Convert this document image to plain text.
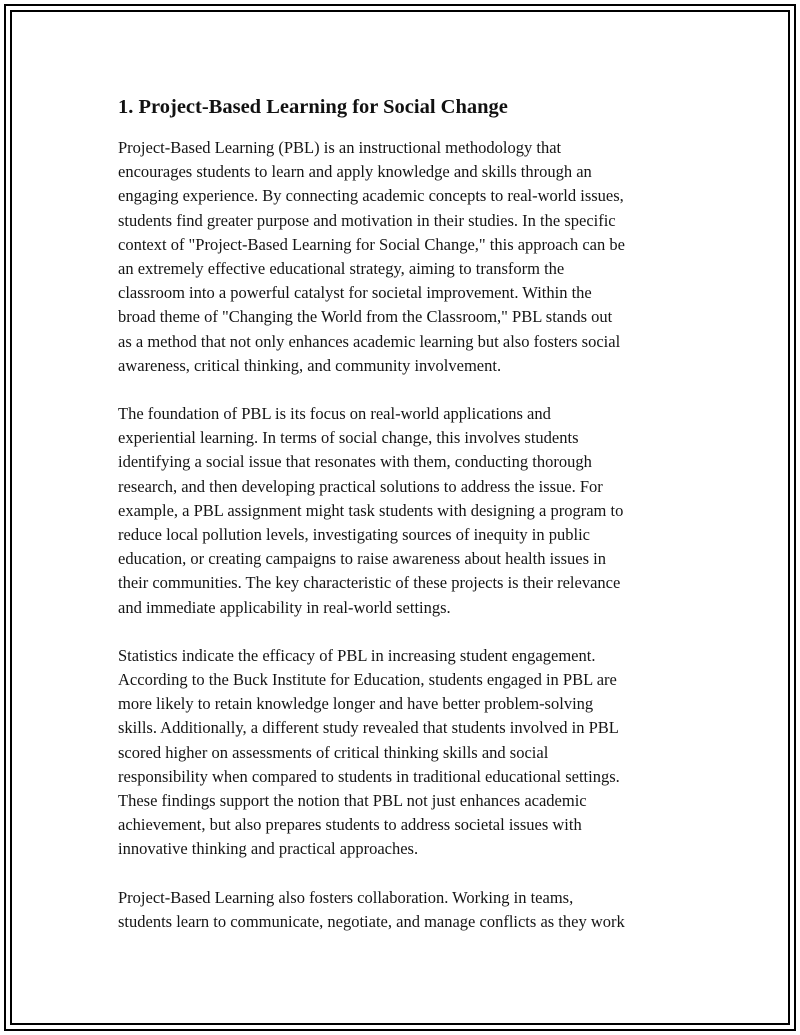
1. Project-Based Learning for Social Change

Project-Based Learning (PBL) is an instructional methodology that
encourages students to learn and apply knowledge and skills through an
engaging experience. By connecting academic concepts to real-world issues,
students find greater purpose and motivation in their studies. In the specific
context of "Project-Based Learning for Social Change," this approach can be
an extremely effective educational strategy, aiming to transform the
classroom into a powerful catalyst for societal improvement. Within the
broad theme of "Changing the World from the Classroom," PBL stands out
as a method that not only enhances academic learning but also fosters social
awareness, critical thinking, and community involvement.

The foundation of PBL is its focus on real-world applications and
experiential learning. In terms of social change, this involves students
identifying a social issue that resonates with them, conducting thorough
research, and then developing practical solutions to address the issue. For
example, a PBL assignment might task students with designing a program to
reduce local pollution levels, investigating sources of inequity in public
education, or creating campaigns to raise awareness about health issues in
their communities. The key characteristic of these projects is their relevance
and immediate applicability in real-world settings.

Statistics indicate the efficacy of PBL in increasing student engagement.
According to the Buck Institute for Education, students engaged in PBL are
more likely to retain knowledge longer and have better problem-solving
skills. Additionally, a different study revealed that students involved in PBL
scored higher on assessments of critical thinking skills and social
responsibility when compared to students in traditional educational settings.
These findings support the notion that PBL not just enhances academic
achievement, but also prepares students to address societal issues with
innovative thinking and practical approaches.

Project-Based Learning also fosters collaboration. Working in teams,
students learn to communicate, negotiate, and manage conflicts as they work
